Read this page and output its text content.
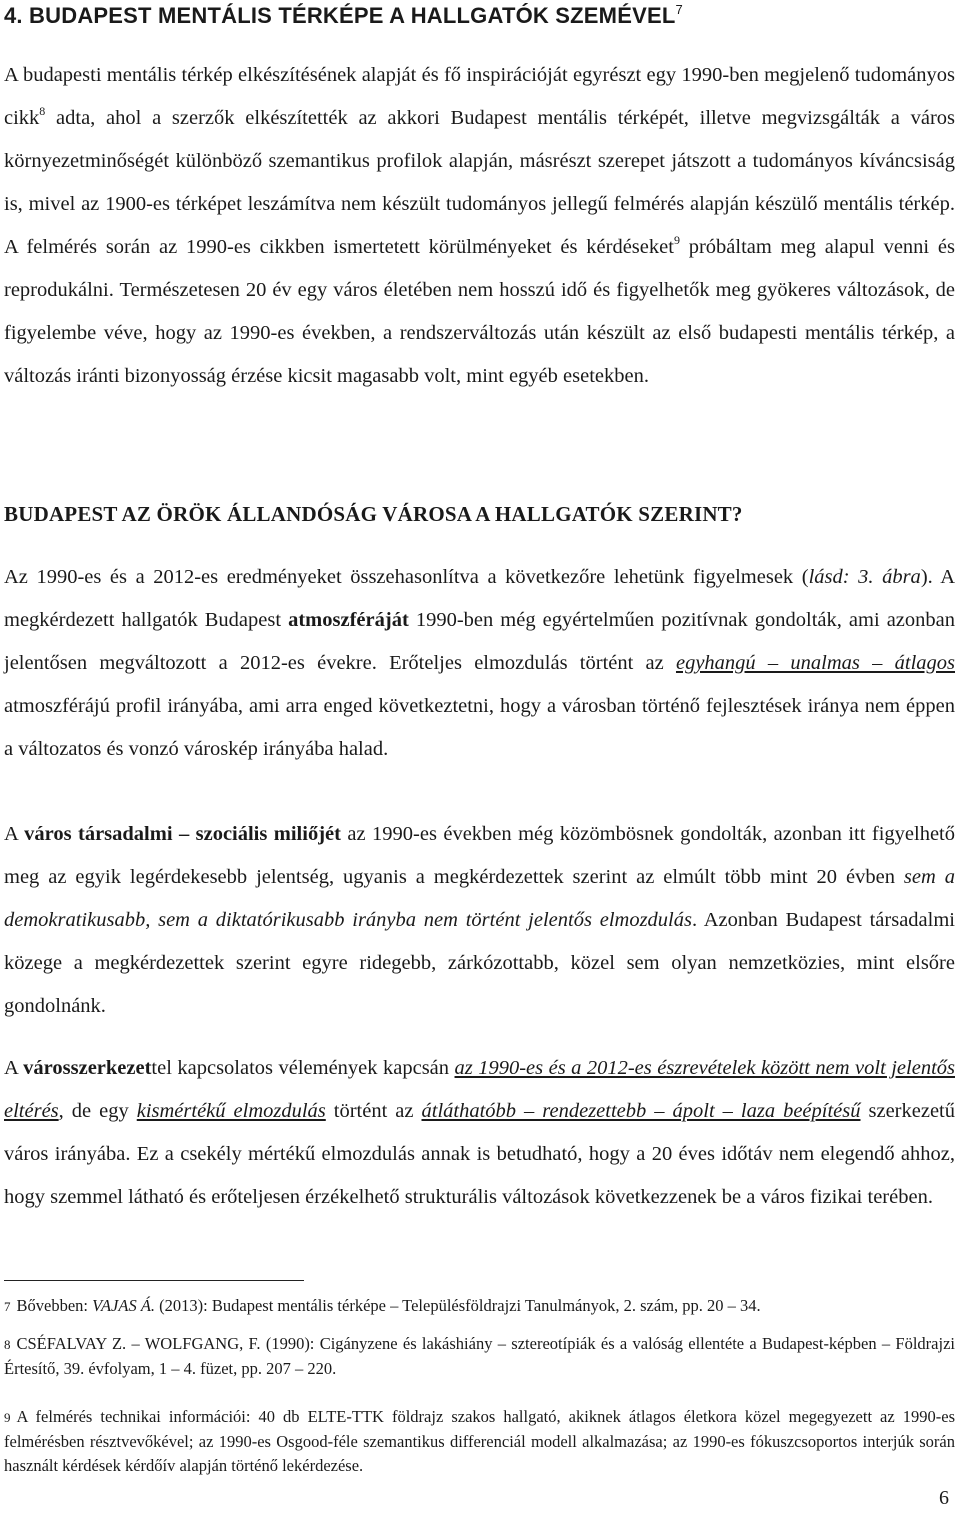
4. BUDAPEST MENTÁLIS TÉRKÉPE A HALLGATÓK SZEMÉVEL$^7$

A budapesti mentális térkép elkészítésének alapját és fő inspirációját egyrészt egy 1990-ben megjelenő tudományos cikk$^8$ adta, ahol a szerzők elkészítették az akkori Budapest mentális térképét, illetve megvizsgálták a város környezetminőségét különböző szemantikus profilok alapján, másrészt szerepet játszott a tudományos kíváncsiság is, mivel az 1900-es térképet leszámítva nem készült tudományos jellegű felmérés alapján készülő mentális térkép. A felmérés során az 1990-es cikkben ismertetett körülményeket és kérdéseket$^9$ próbáltam meg alapul venni és reprodukálni. Természetesen 20 év egy város életében nem hosszú idő és figyelhetők meg gyökeres változások, de figyelembe véve, hogy az 1990-es években, a rendszerváltozás után készült az első budapesti mentális térkép, a változás iránti bizonyosság érzése kicsit magasabb volt, mint egyéb esetekben.

BUDAPEST AZ ÖRÖK ÁLLANDÓSÁG VÁROSA A HALLGATÓK SZERINT?

Az 1990-es és a 2012-es eredményeket összehasonlítva a következőre lehetünk figyelmesek (lásd: 3. ábra). A megkérdezett hallgatók Budapest atmoszféráját 1990-ben még egyértelműen pozitívnak gondolták, ami azonban jelentősen megváltozott a 2012-es évekre. Erőteljes elmozdulás történt az egyhangú – unalmas – átlagos atmoszférájú profil irányába, ami arra enged következtetni, hogy a városban történő fejlesztések iránya nem éppen a változatos és vonzó városkép irányába halad.

A város társadalmi – szociális miliőjét az 1990-es években még közömbösnek gondolták, azonban itt figyelhető meg az egyik legérdekesebb jelentség, ugyanis a megkérdezettek szerint az elmúlt több mint 20 évben sem a demokratikusabb, sem a diktatórikusabb irányba nem történt jelentős elmozdulás. Azonban Budapest társadalmi közege a megkérdezettek szerint egyre ridegebb, zárkózottabb, közel sem olyan nemzetközies, mint elsőre gondolnánk.

A városszerkezettel kapcsolatos vélemények kapcsán az 1990-es és a 2012-es észrevételek között nem volt jelentős eltérés, de egy kismértékű elmozdulás történt az átláthatóbb – rendezettebb – ápolt – laza beépítésű szerkezetű város irányába. Ez a csekély mértékű elmozdulás annak is betudható, hogy a 20 éves időtáv nem elegendő ahhoz, hogy szemmel látható és erőteljesen érzékelhető strukturális változások következzenek be a város fizikai terében.

7 Bővebben: VAJAS Á. (2013): Budapest mentális térképe – Településföldrajzi Tanulmányok, 2. szám, pp. 20 – 34.

8 CSÉFALVAY Z. – WOLFGANG, F. (1990): Cigányzene és lakáshiány – sztereotípiák és a valóság ellentéte a Budapest-képben – Földrajzi Értesítő, 39. évfolyam, 1 – 4. füzet, pp. 207 – 220.

9 A felmérés technikai információi: 40 db ELTE-TTK földrajz szakos hallgató, akiknek átlagos életkora közel megegyezett az 1990-es felmérésben résztvevőkével; az 1990-es Osgood-féle szemantikus differenciál modell alkalmazása; az 1990-es fókuszcsoportos interjúk során használt kérdések kérdőív alapján történő lekérdezése.

6
